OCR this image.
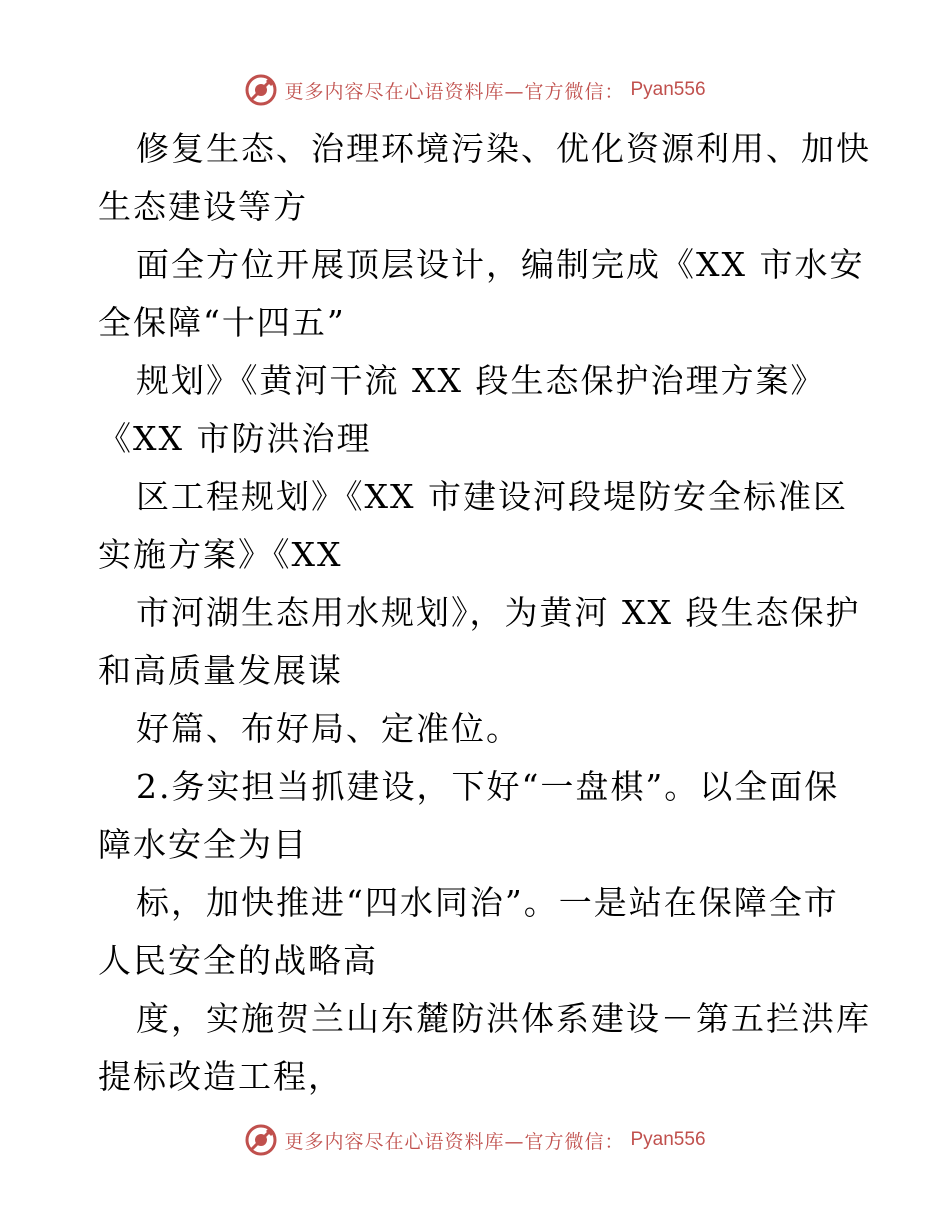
更多内容尽在心语资料库—官方微信： Pyan556
修复生态、治理环境污染、优化资源利用、加快
生态建设等方
面全方位开展顶层设计，编制完成《XX 市水安
全保障“十四五”
规划》《黄河干流 XX 段生态保护治理方案》
《XX 市防洪治理
区工程规划》《XX 市建设河段堤防安全标准区
实施方案》《XX
市河湖生态用水规划》，为黄河 XX 段生态保护
和高质量发展谋
好篇、布好局、定准位。
2.务实担当抓建设，下好“一盘棋”。以全面保
障水安全为目
标，加快推进“四水同治”。一是站在保障全市
人民安全的战略高
度，实施贺兰山东麓防洪体系建设－第五拦洪库
提标改造工程，
更多内容尽在心语资料库—官方微信： Pyan556
